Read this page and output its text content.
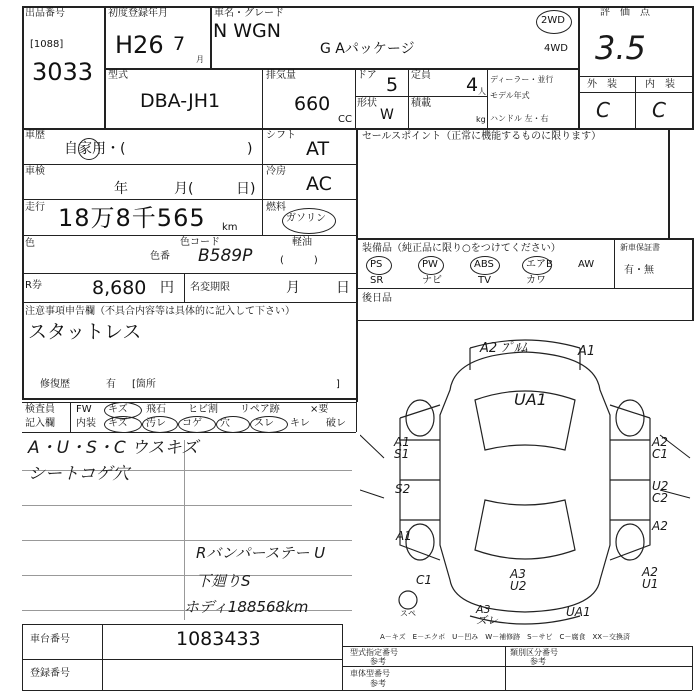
出品番号
[1088]
3033
初度登録年月
H26 7
月
車名・グレード
N WGN
G Aパッケージ
2WD
4WD
評　価　点
3.5
外　装	内　装
C C
型式
DBA-JH1
排気量
660
CC
ドア 5 定員 4 人
形状
W
積載
kg
ディーラー・並行
モデル年式
ハンドル 左・右
車歴
自家用・(	)
シフト
AT
車検
年	月(	日)
冷房
AC
走行 18万8千565 km
燃料
ガソリン
軽油
(　　　)
色
色番
色コード
B589P
R券	8,680 円 名変期限	月	日
注意事項申告欄（不具合内容等は具体的に記入して下さい）
スタットレス
修復歴	有 [箇所	]
セールスポイント（正常に機能するものに限ります）
装備品（純正品に限り○をつけてください）
PS	PW	ABS	エアB	AW
SR	ナビ	TV	カワ
新車保証書
有・無
後日品
検査員
記入欄
FW キズ 飛石 ヒビ割 リペア跡	×要
内装 キズ 汚レ コゲ 穴 スレ キレ 破レ
A・U・S・C ウスキズ
シートコゲ穴
Rバンパーステー U
下廻りS
ホディ188568km
A2 ﾌﾟﾙﾑ	A1
UA1
A1 S1
S2
A1
C1
A2 C1
U2 C2
A2
A2 U1
A3 U2
A3 ズレ
UA1
スペ
A－キズ　E－エクボ　U－凹み　W－補修跡　S－サビ　C－腐食　XX－交換済
車台番号	1083433
登録番号
型式指定番号
参考
類別区分番号
参考
車体型番号
参考
